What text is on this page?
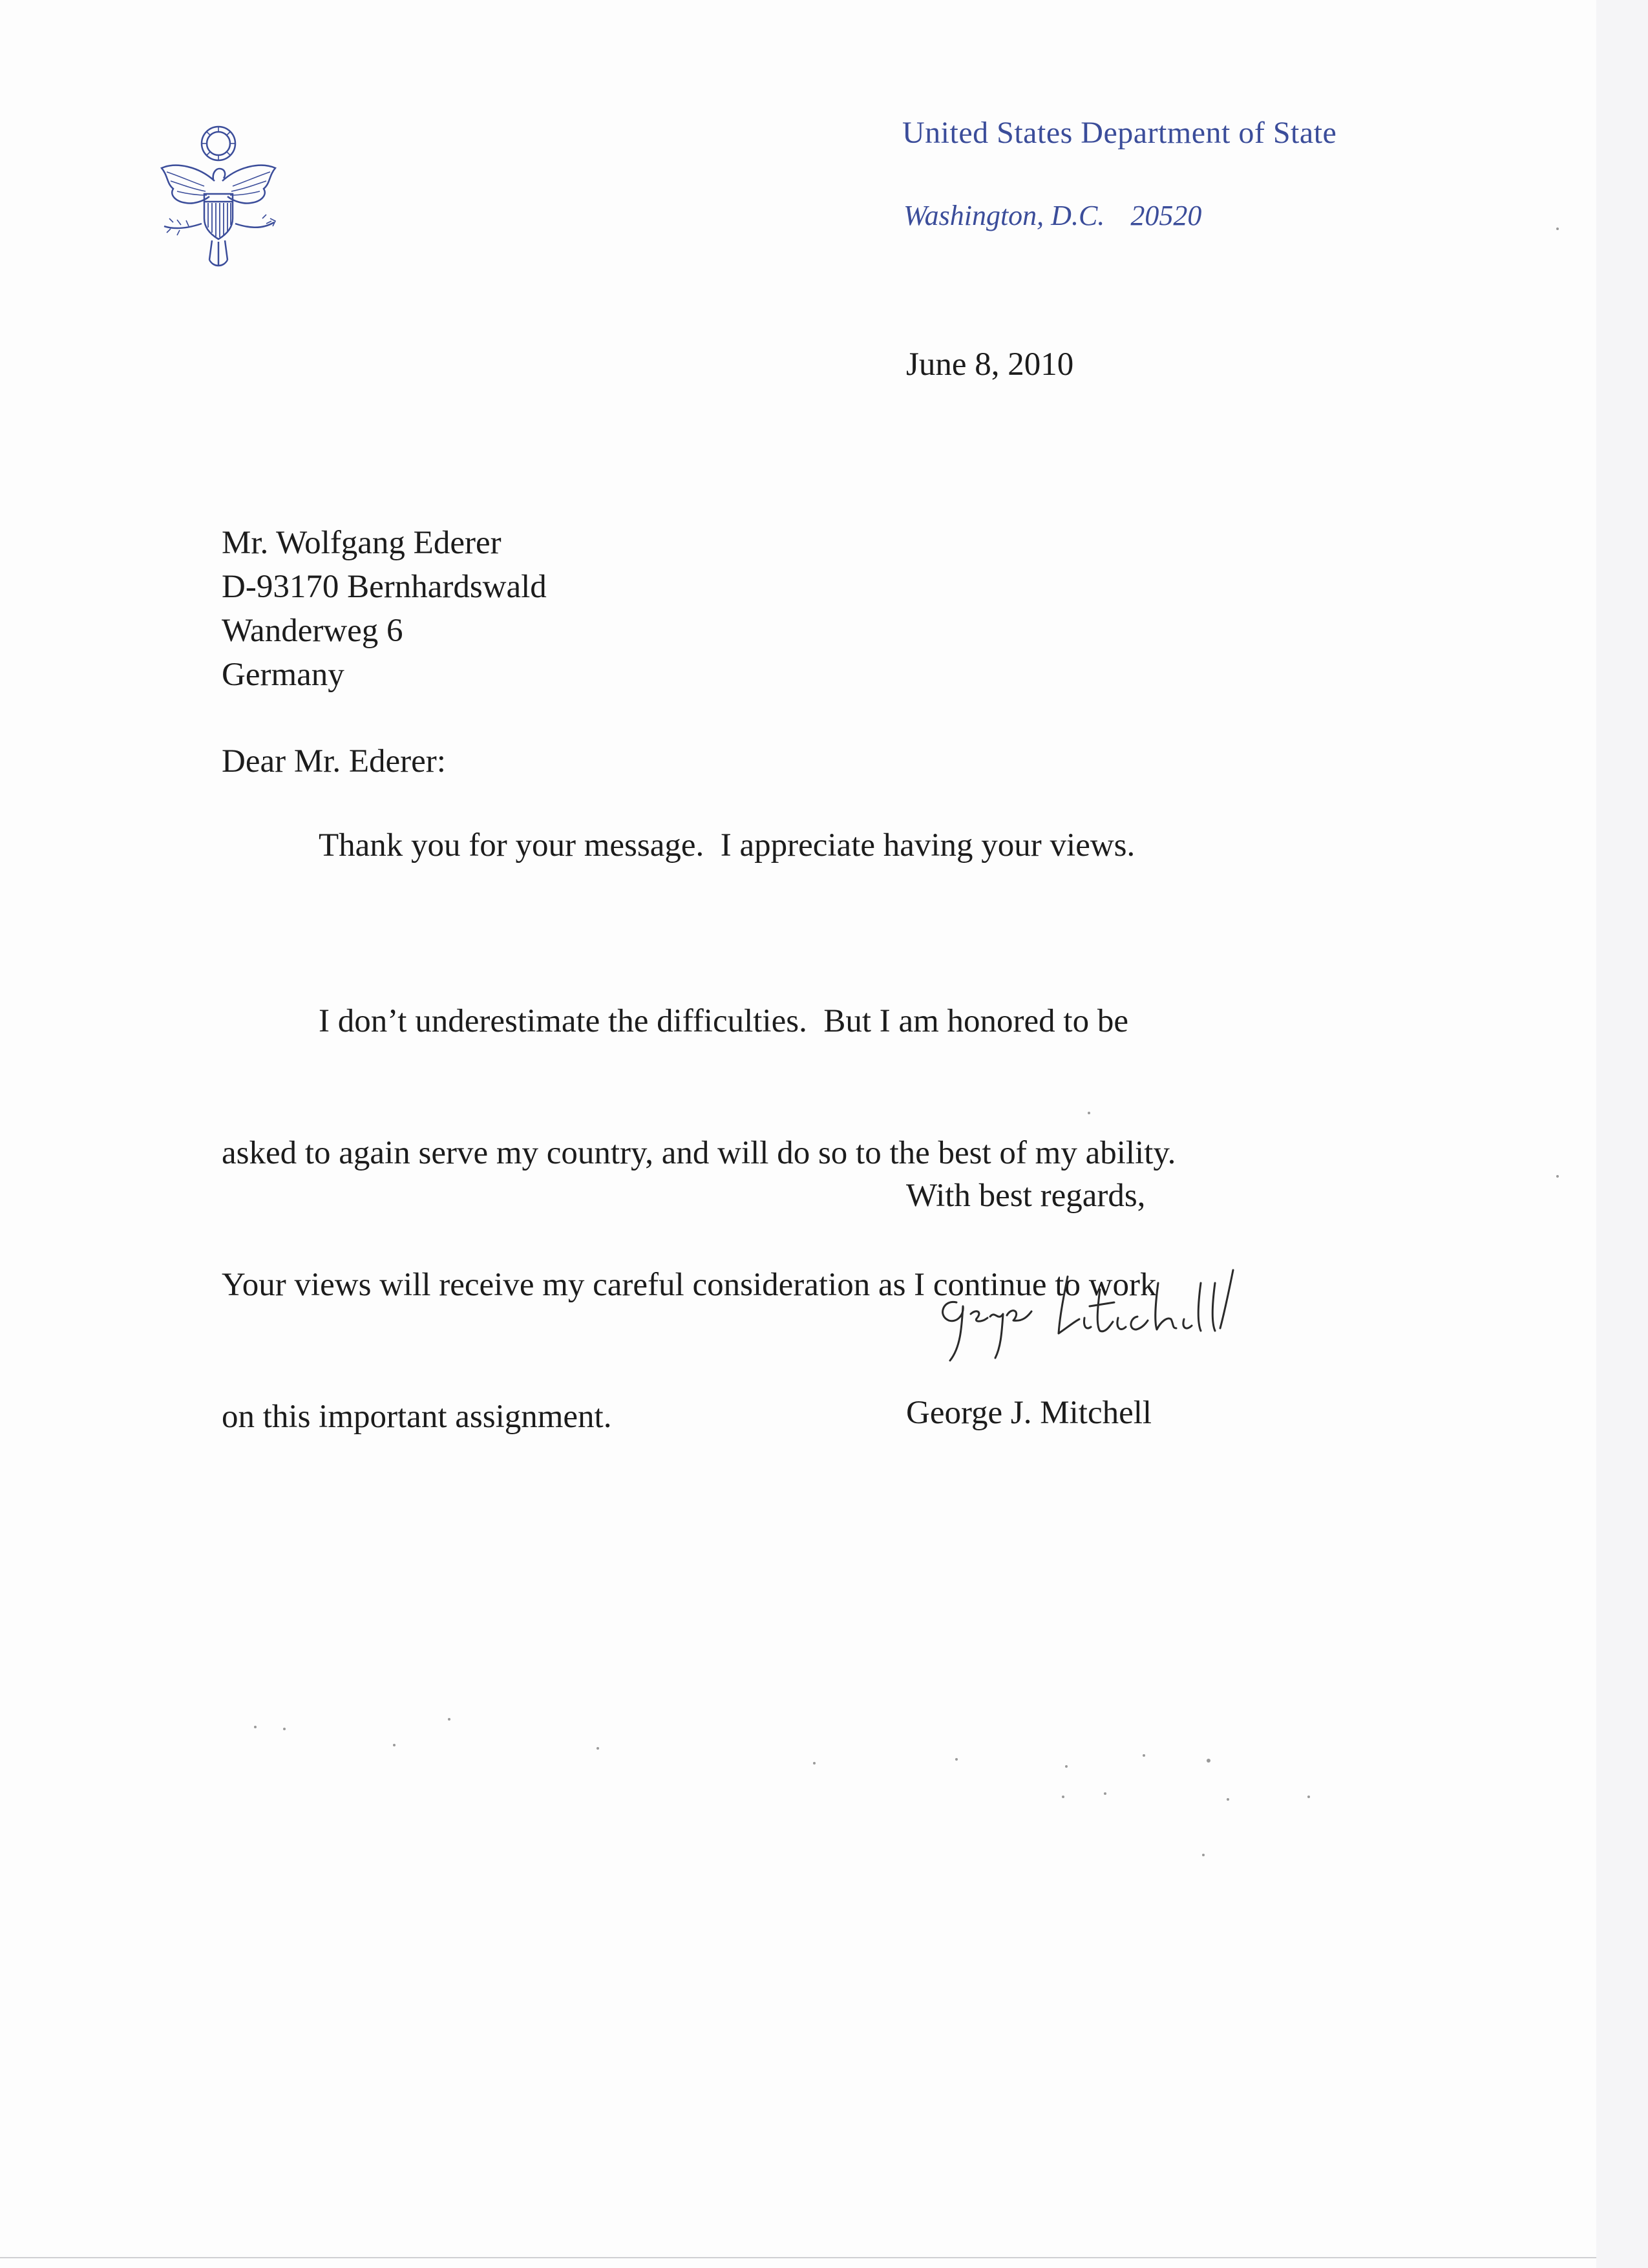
United States Department of State
Washington, D.C. 20520
June 8, 2010
Mr. Wolfgang Ederer
D-93170 Bernhardswald
Wanderweg 6
Germany
Dear Mr. Ederer:
Thank you for your message.  I appreciate having your views.

I don’t underestimate the difficulties.  But I am honored to be

asked to again serve my country, and will do so to the best of my ability.

Your views will receive my careful consideration as I continue to work

on this important assignment.

With best regards,
George J. Mitchell
